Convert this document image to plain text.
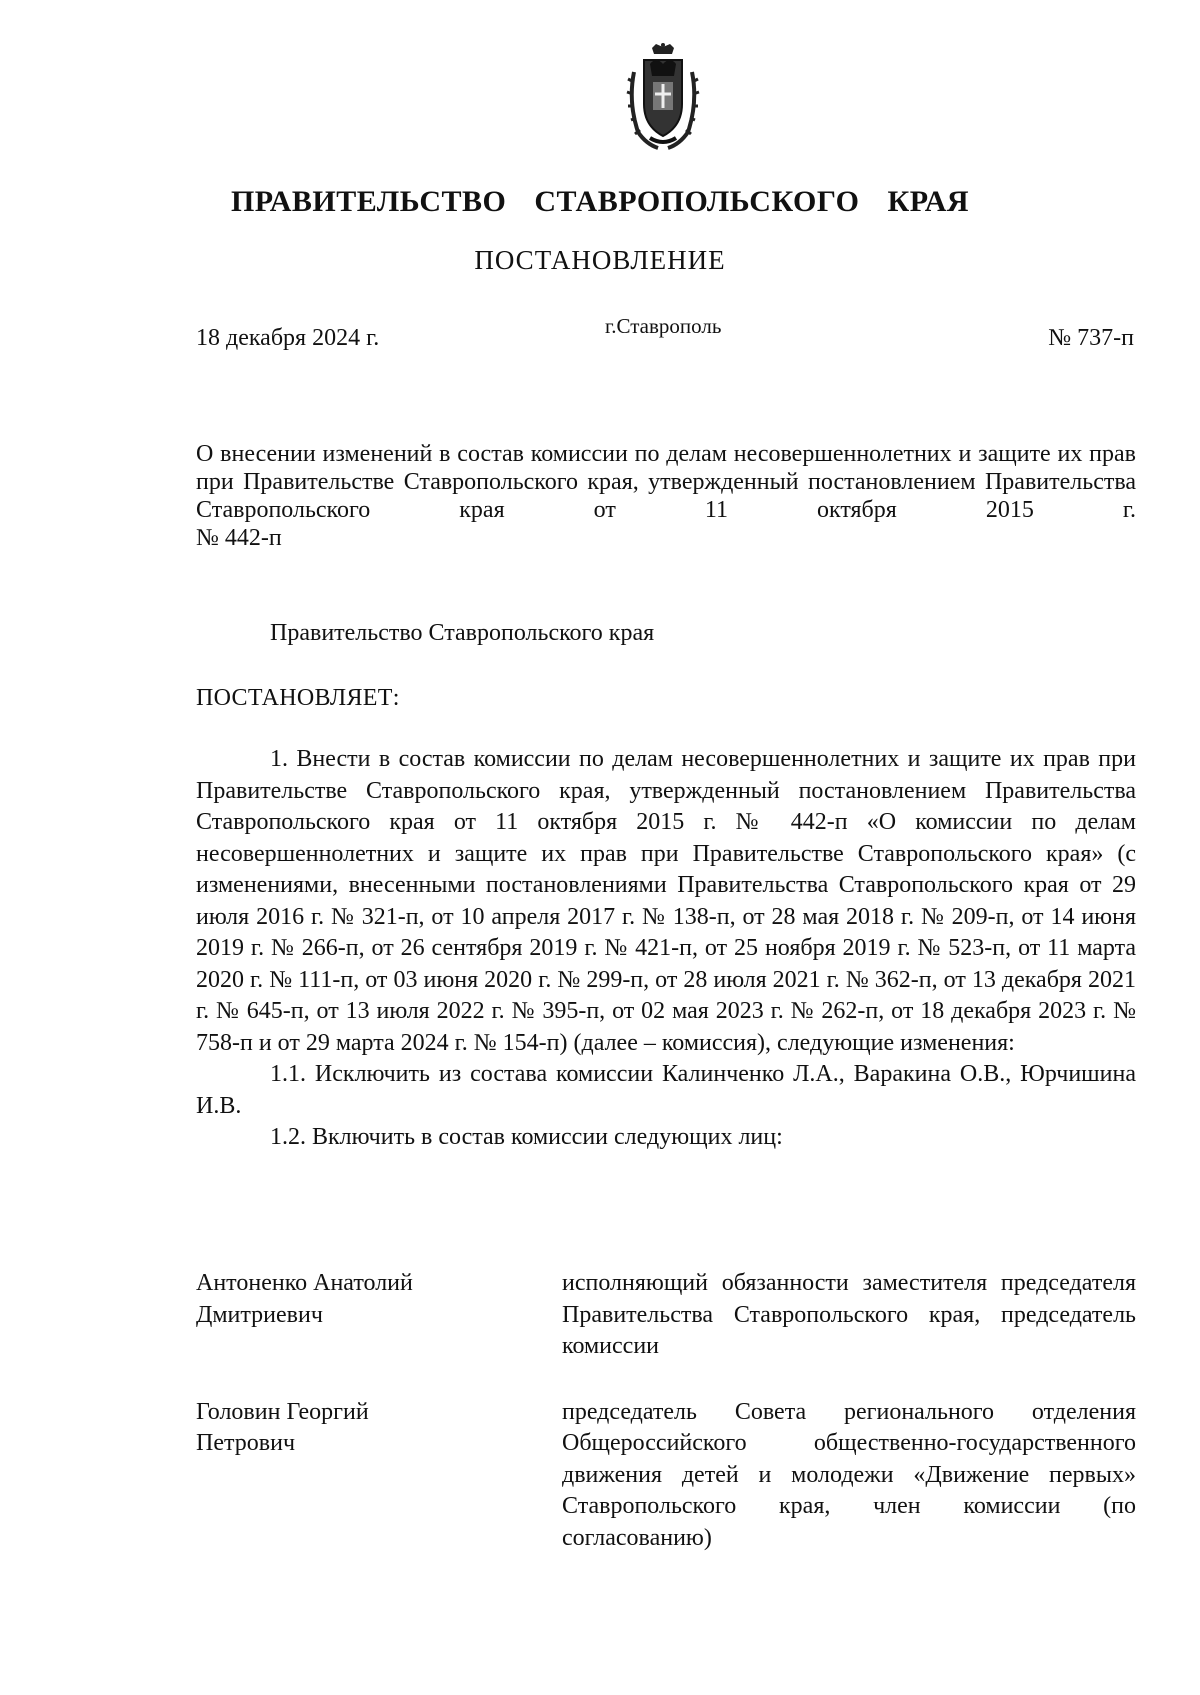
ПРАВИТЕЛЬСТВО СТАВРОПОЛЬСКОГО КРАЯ
ПОСТАНОВЛЕНИЕ
18 декабря 2024 г.	г.Ставрополь	№ 737-п
О внесении изменений в состав комиссии по делам несовершеннолетних и защите их прав при Правительстве Ставропольского края, утвержденный постановлением Правительства Ставропольского края от 11 октября 2015 г.
№ 442-п
Правительство Ставропольского края
ПОСТАНОВЛЯЕТ:

1. Внести в состав комиссии по делам несовершеннолетних и защите их прав при Правительстве Ставропольского края, утвержденный постановлением Правительства Ставропольского края от 11 октября 2015 г. № 442-п «О комиссии по делам несовершеннолетних и защите их прав при Правительстве Ставропольского края» (с изменениями, внесенными постановлениями Правительства Ставропольского края от 29 июля 2016 г. № 321-п, от 10 апреля 2017 г. № 138-п, от 28 мая 2018 г. № 209-п, от 14 июня 2019 г. № 266-п, от 26 сентября 2019 г. № 421-п, от 25 ноября 2019 г. № 523-п, от 11 марта 2020 г. № 111-п, от 03 июня 2020 г. № 299-п, от 28 июля 2021 г. № 362-п, от 13 декабря 2021 г. № 645-п, от 13 июля 2022 г. № 395-п, от 02 мая 2023 г. № 262-п, от 18 декабря 2023 г. № 758-п и от 29 марта 2024 г. № 154-п) (далее – комиссия), следующие изменения:

1.1. Исключить из состава комиссии Калинченко Л.А., Варакина О.В., Юрчишина И.В.

1.2. Включить в состав комиссии следующих лиц:

Антоненко Анатолий
Дмитриевич
исполняющий обязанности заместителя председателя Правительства Ставропольского края, председатель комиссии
Головин Георгий
Петрович
председатель Совета регионального отделения Общероссийского общественно-государственного движения детей и молодежи «Движение первых» Ставропольского края, член комиссии (по согласованию)
